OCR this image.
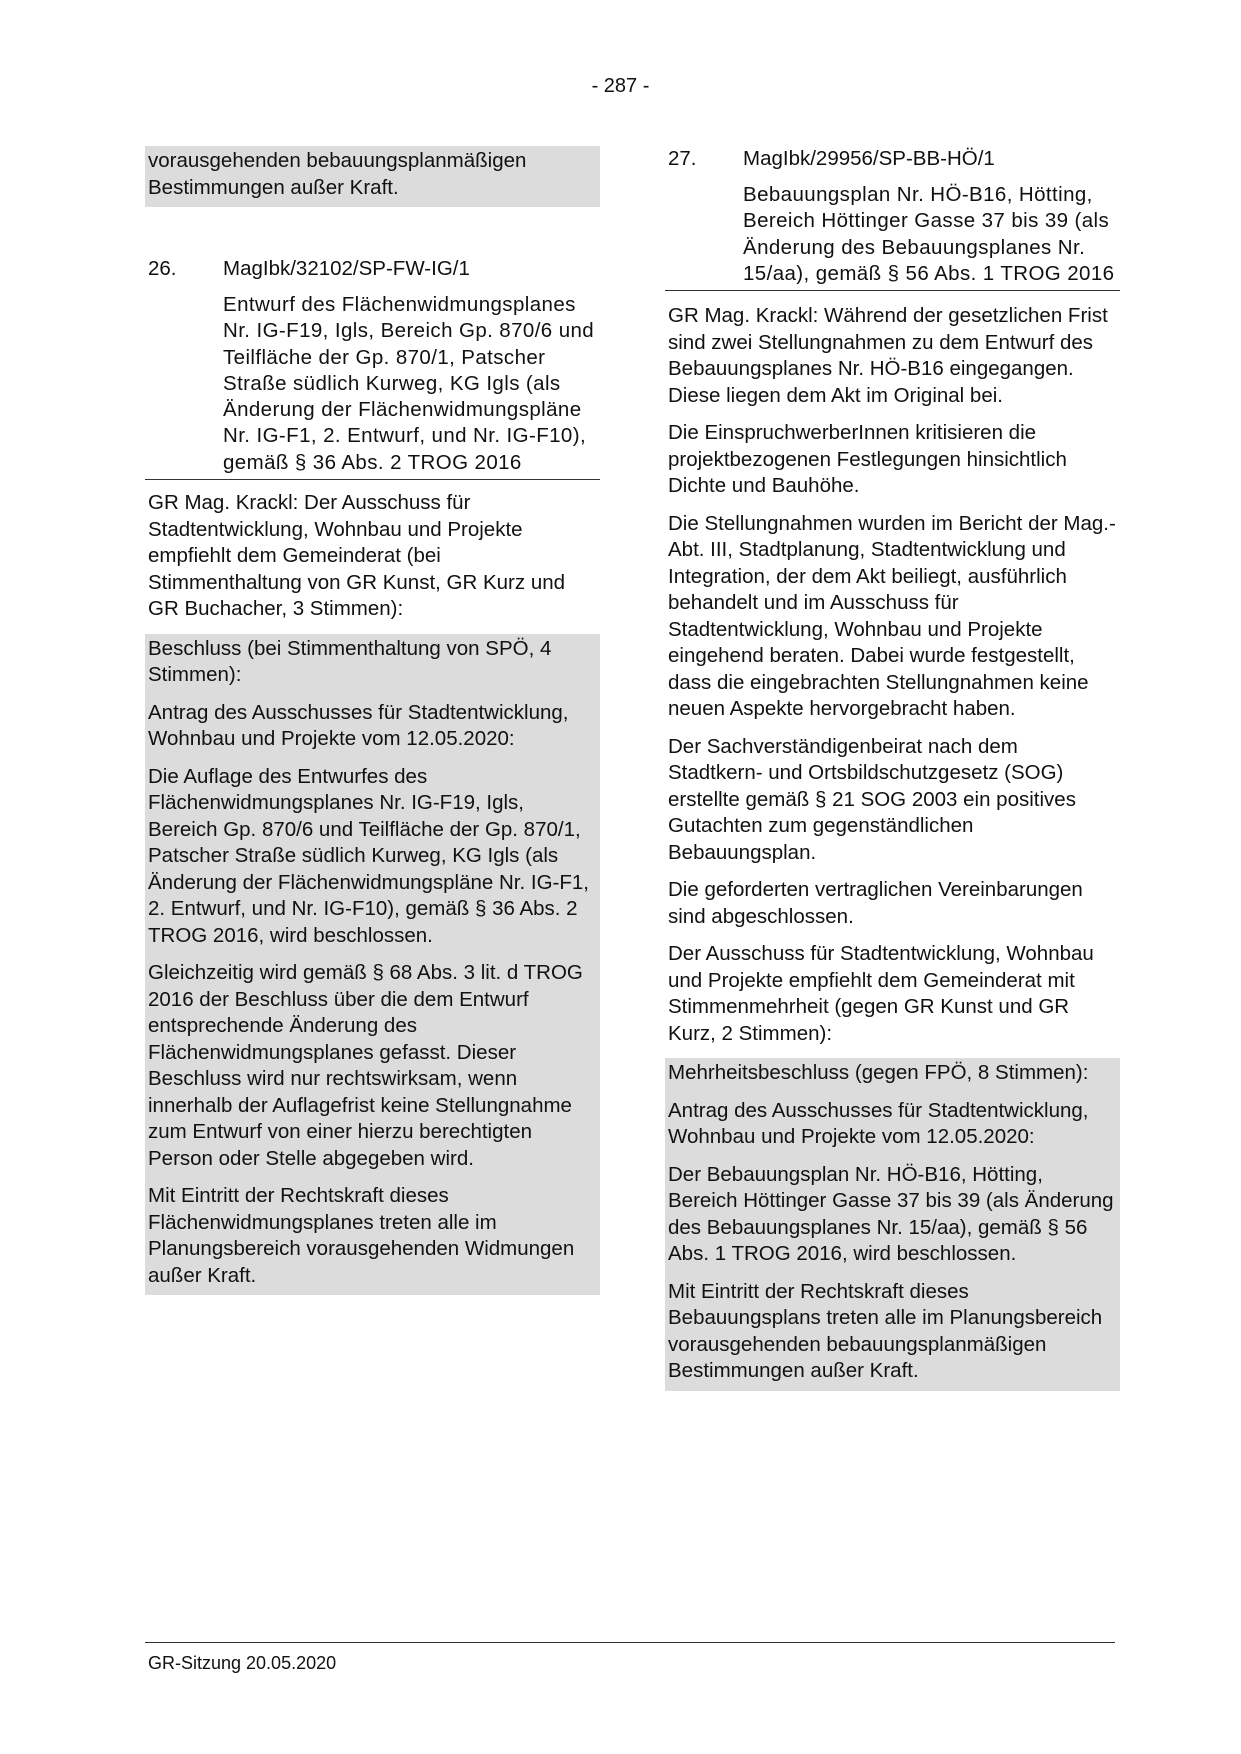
- 287 -

vorausgehenden bebauungsplanmäßigen Bestimmungen außer Kraft.

26.	MagIbk/32102/SP-FW-IG/1
Entwurf des Flächenwidmungsplanes Nr. IG-F19, Igls, Bereich Gp. 870/6 und Teilfläche der Gp. 870/1, Patscher Straße südlich Kurweg, KG Igls (als Änderung der Flächenwidmungspläne Nr. IG-F1, 2. Entwurf, und Nr. IG-F10), gemäß § 36 Abs. 2 TROG 2016

GR Mag. Krackl: Der Ausschuss für Stadtentwicklung, Wohnbau und Projekte empfiehlt dem Gemeinderat (bei Stimmenthaltung von GR Kunst, GR Kurz und GR Buchacher, 3 Stimmen):

Beschluss (bei Stimmenthaltung von SPÖ, 4 Stimmen):

Antrag des Ausschusses für Stadtentwicklung, Wohnbau und Projekte vom 12.05.2020:

Die Auflage des Entwurfes des Flächenwidmungsplanes Nr. IG-F19, Igls, Bereich Gp. 870/6 und Teilfläche der Gp. 870/1, Patscher Straße südlich Kurweg, KG Igls (als Änderung der Flächenwidmungspläne Nr. IG-F1, 2. Entwurf, und Nr. IG-F10), gemäß § 36 Abs. 2 TROG 2016, wird beschlossen.

Gleichzeitig wird gemäß § 68 Abs. 3 lit. d TROG 2016 der Beschluss über die dem Entwurf entsprechende Änderung des Flächenwidmungsplanes gefasst. Dieser Beschluss wird nur rechtswirksam, wenn innerhalb der Auflagefrist keine Stellungnahme zum Entwurf von einer hierzu berechtigten Person oder Stelle abgegeben wird.

Mit Eintritt der Rechtskraft dieses Flächenwidmungsplanes treten alle im Planungsbereich vorausgehenden Widmungen außer Kraft.

27.	MagIbk/29956/SP-BB-HÖ/1
Bebauungsplan Nr. HÖ-B16, Hötting, Bereich Höttinger Gasse 37 bis 39 (als Änderung des Bebauungsplanes Nr. 15/aa), gemäß § 56 Abs. 1 TROG 2016

GR Mag. Krackl: Während der gesetzlichen Frist sind zwei Stellungnahmen zu dem Entwurf des Bebauungsplanes Nr. HÖ-B16 eingegangen. Diese liegen dem Akt im Original bei.

Die EinspruchwerberInnen kritisieren die projektbezogenen Festlegungen hinsichtlich Dichte und Bauhöhe.

Die Stellungnahmen wurden im Bericht der Mag.-Abt. III, Stadtplanung, Stadtentwicklung und Integration, der dem Akt beiliegt, ausführlich behandelt und im Ausschuss für Stadtentwicklung, Wohnbau und Projekte eingehend beraten. Dabei wurde festgestellt, dass die eingebrachten Stellungnahmen keine neuen Aspekte hervorgebracht haben.

Der Sachverständigenbeirat nach dem Stadtkern- und Ortsbildschutzgesetz (SOG) erstellte gemäß § 21 SOG 2003 ein positives Gutachten zum gegenständlichen Bebauungsplan.

Die geforderten vertraglichen Vereinbarungen sind abgeschlossen.

Der Ausschuss für Stadtentwicklung, Wohnbau und Projekte empfiehlt dem Gemeinderat mit Stimmenmehrheit (gegen GR Kunst und GR Kurz, 2 Stimmen):

Mehrheitsbeschluss (gegen FPÖ, 8 Stimmen):

Antrag des Ausschusses für Stadtentwicklung, Wohnbau und Projekte vom 12.05.2020:

Der Bebauungsplan Nr. HÖ-B16, Hötting, Bereich Höttinger Gasse 37 bis 39 (als Änderung des Bebauungsplanes Nr. 15/aa), gemäß § 56 Abs. 1 TROG 2016, wird beschlossen.

Mit Eintritt der Rechtskraft dieses Bebauungsplans treten alle im Planungsbereich vorausgehenden bebauungsplanmäßigen Bestimmungen außer Kraft.

GR-Sitzung 20.05.2020
